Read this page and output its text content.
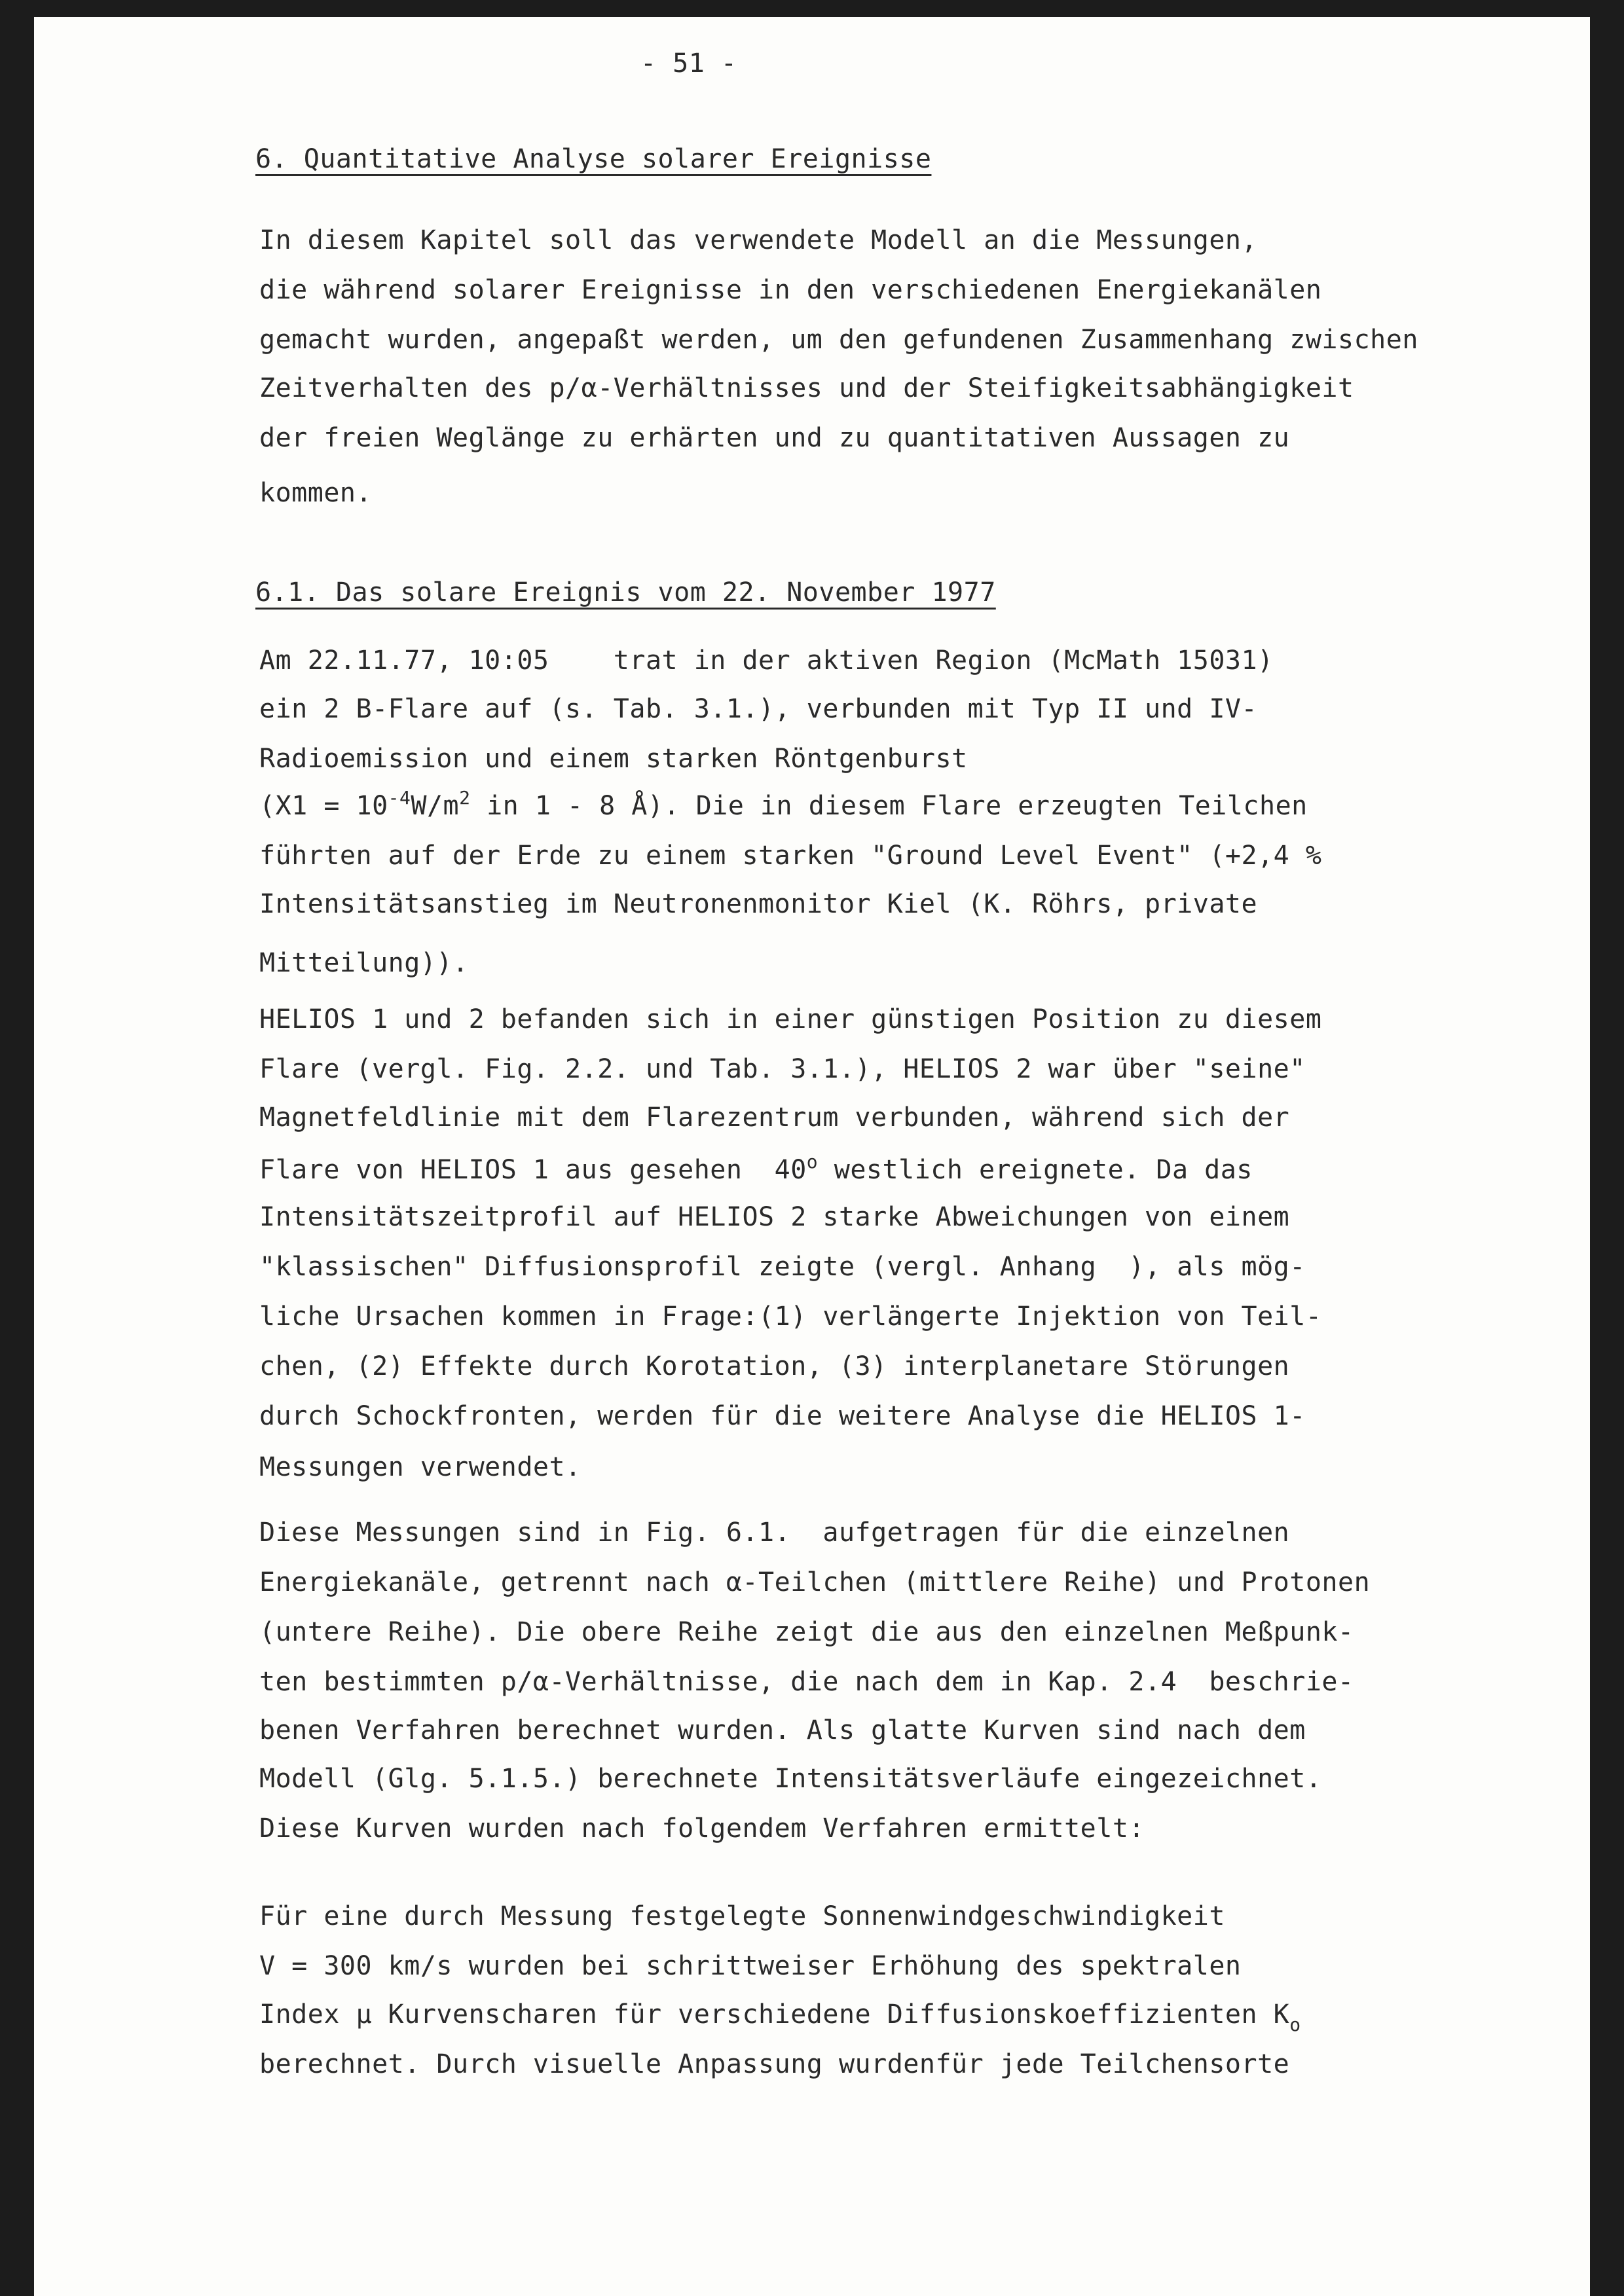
- 51 -
6. Quantitative Analyse solarer Ereignisse
In diesem Kapitel soll das verwendete Modell an die Messungen,
die während solarer Ereignisse in den verschiedenen Energiekanälen
gemacht wurden, angepaßt werden, um den gefundenen Zusammenhang zwischen
Zeitverhalten des p/α-Verhältnisses und der Steifigkeitsabhängigkeit
der freien Weglänge zu erhärten und zu quantitativen Aussagen zu
kommen.
6.1. Das solare Ereignis vom 22. November 1977
Am 22.11.77, 10:05    trat in der aktiven Region (McMath 15031)
ein 2 B-Flare auf (s. Tab. 3.1.), verbunden mit Typ II und IV-
Radioemission und einem starken Röntgenburst
($X1 = 10^{-4}W/m^2$ in 1 - 8 Å). Die in diesem Flare erzeugten Teilchen
führten auf der Erde zu einem starken "Ground Level Event" (+2,4 %
Intensitätsanstieg im Neutronenmonitor Kiel (K. Röhrs, private
Mitteilung)).
HELIOS 1 und 2 befanden sich in einer günstigen Position zu diesem
Flare (vergl. Fig. 2.2. und Tab. 3.1.), HELIOS 2 war über "seine"
Magnetfeldlinie mit dem Flarezentrum verbunden, während sich der
Flare von HELIOS 1 aus gesehen  40$^o$ westlich ereignete. Da das
Intensitätszeitprofil auf HELIOS 2 starke Abweichungen von einem
"klassischen" Diffusionsprofil zeigte (vergl. Anhang  ), als mög-
liche Ursachen kommen in Frage:(1) verlängerte Injektion von Teil-
chen, (2) Effekte durch Korotation, (3) interplanetare Störungen
durch Schockfronten, werden für die weitere Analyse die HELIOS 1-
Messungen verwendet.
Diese Messungen sind in Fig. 6.1.  aufgetragen für die einzelnen
Energiekanäle, getrennt nach α-Teilchen (mittlere Reihe) und Protonen
(untere Reihe). Die obere Reihe zeigt die aus den einzelnen Meßpunk-
ten bestimmten p/α-Verhältnisse, die nach dem in Kap. 2.4  beschrie-
benen Verfahren berechnet wurden. Als glatte Kurven sind nach dem
Modell (Glg. 5.1.5.) berechnete Intensitätsverläufe eingezeichnet.
Diese Kurven wurden nach folgendem Verfahren ermittelt:
Für eine durch Messung festgelegte Sonnenwindgeschwindigkeit
V = 300 km/s wurden bei schrittweiser Erhöhung des spektralen
Index μ Kurvenscharen für verschiedene Diffusionskoeffizienten $K_o$
berechnet. Durch visuelle Anpassung wurdenfür jede Teilchensorte
